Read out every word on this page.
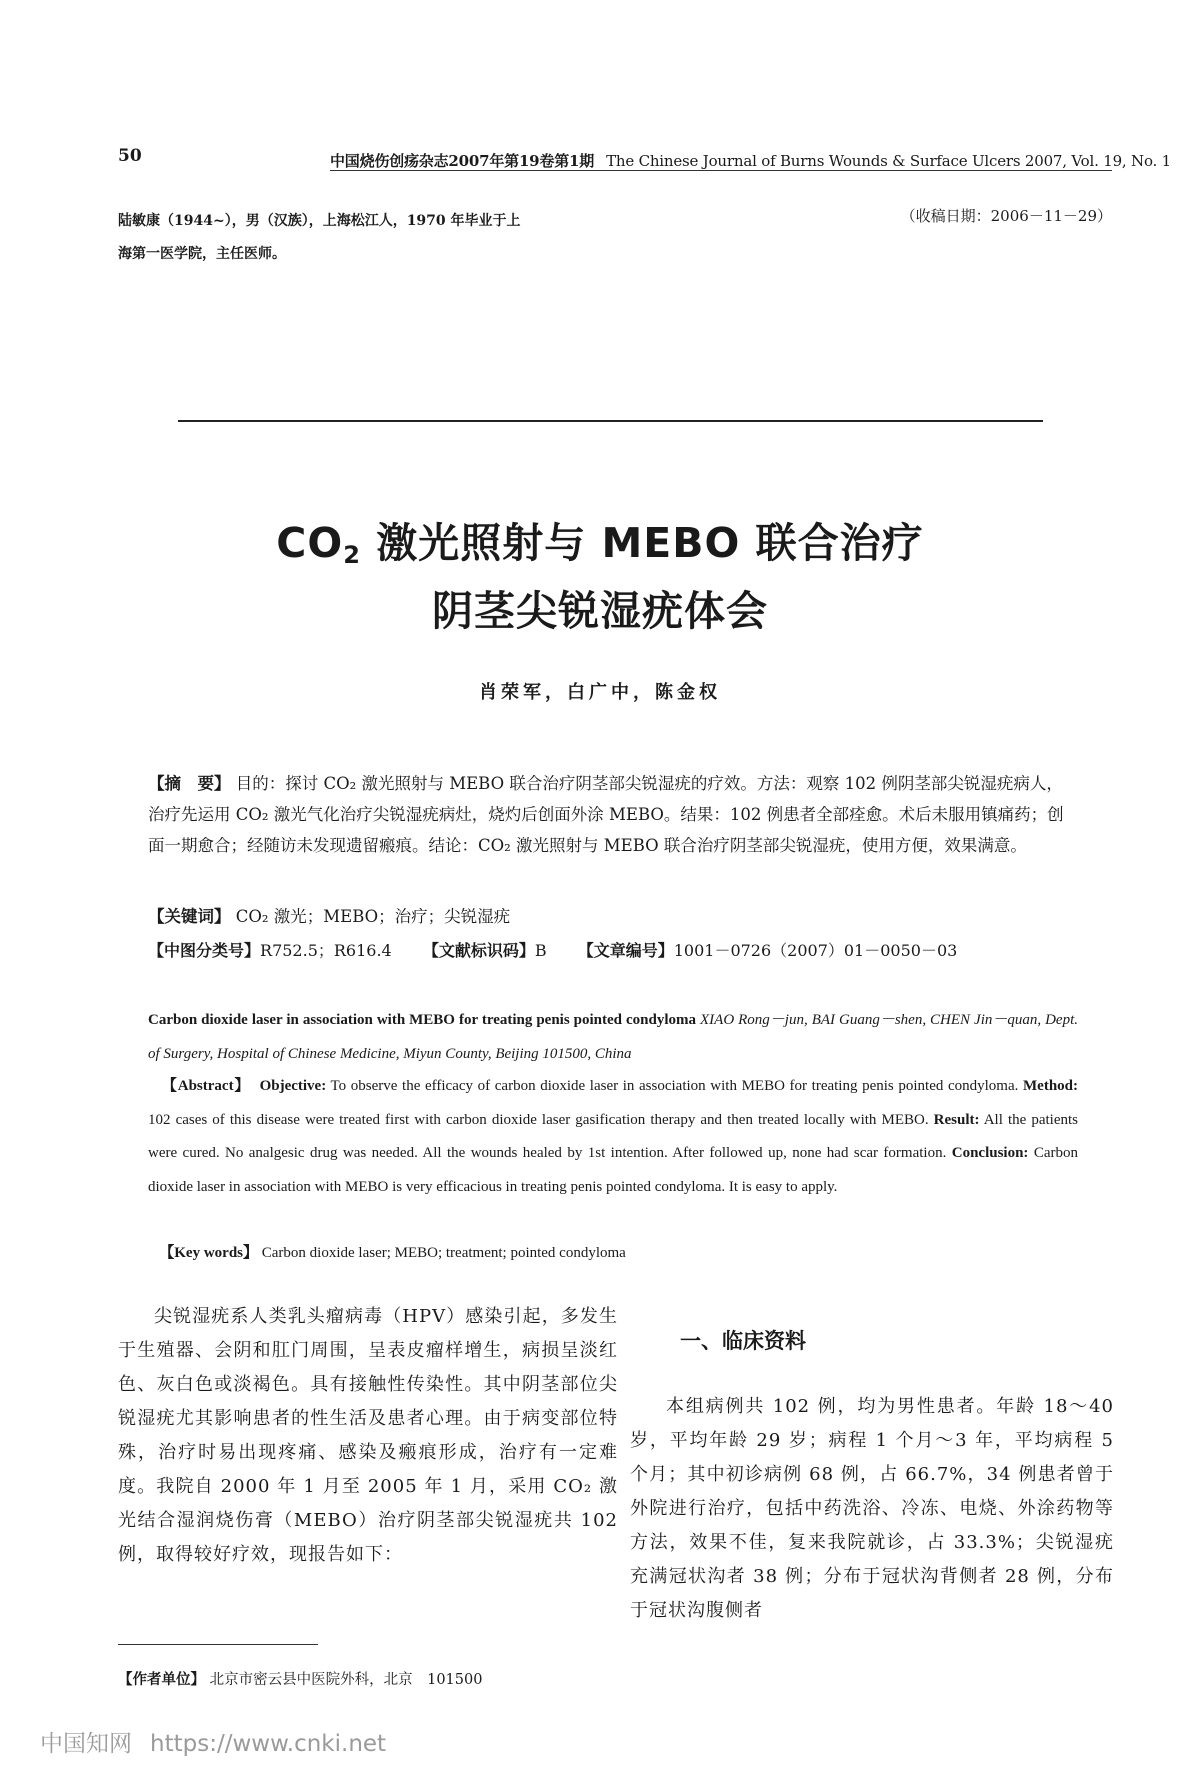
50	中国烧伤创疡杂志2007年第19卷第1期 The Chinese Journal of Burns Wounds & Surface Ulcers 2007, Vol. 19, No. 1
陆敏康（1944~），男（汉族），上海松江人，1970 年毕业于上
海第一医学院，主任医师。
（收稿日期：2006－11－29）
$CO_2$ 激光照射与 MEBO 联合治疗
阴茎尖锐湿疣体会
肖荣军，白广中，陈金权
【摘　要】 目的：探讨 CO₂ 激光照射与 MEBO 联合治疗阴茎部尖锐湿疣的疗效。方法：观察 102 例阴茎部尖锐湿疣病人，治疗先运用 CO₂ 激光气化治疗尖锐湿疣病灶，烧灼后创面外涂 MEBO。结果：102 例患者全部痊愈。术后未服用镇痛药；创面一期愈合；经随访未发现遗留瘢痕。结论：CO₂ 激光照射与 MEBO 联合治疗阴茎部尖锐湿疣，使用方便，效果满意。
【关键词】 CO₂ 激光；MEBO；治疗；尖锐湿疣
【中图分类号】R752.5；R616.4 【文献标识码】B 【文章编号】1001－0726（2007）01－0050－03
Carbon dioxide laser in association with MEBO for treating penis pointed condyloma XIAO Rong－jun, BAI Guang－shen, CHEN Jin－quan, Dept. of Surgery, Hospital of Chinese Medicine, Miyun County, Beijing 101500, China
【Abstract】 Objective: To observe the efficacy of carbon dioxide laser in association with MEBO for treating penis pointed condyloma. Method: 102 cases of this disease were treated first with carbon dioxide laser gasification therapy and then treated locally with MEBO. Result: All the patients were cured. No analgesic drug was needed. All the wounds healed by 1st intention. After followed up, none had scar formation. Conclusion: Carbon dioxide laser in association with MEBO is very efficacious in treating penis pointed condyloma. It is easy to apply.
【Key words】 Carbon dioxide laser; MEBO; treatment; pointed condyloma
尖锐湿疣系人类乳头瘤病毒（HPV）感染引起，多发生于生殖器、会阴和肛门周围，呈表皮瘤样增生，病损呈淡红色、灰白色或淡褐色。具有接触性传染性。其中阴茎部位尖锐湿疣尤其影响患者的性生活及患者心理。由于病变部位特殊，治疗时易出现疼痛、感染及瘢痕形成，治疗有一定难度。我院自 2000 年 1 月至 2005 年 1 月，采用 CO₂ 激光结合湿润烧伤膏（MEBO）治疗阴茎部尖锐湿疣共 102 例，取得较好疗效，现报告如下：
一、临床资料
本组病例共 102 例，均为男性患者。年龄 18～40 岁，平均年龄 29 岁；病程 1 个月～3 年，平均病程 5 个月；其中初诊病例 68 例，占 66.7%，34 例患者曾于外院进行治疗，包括中药洗浴、冷冻、电烧、外涂药物等方法，效果不佳，复来我院就诊，占 33.3%；尖锐湿疣充满冠状沟者 38 例；分布于冠状沟背侧者 28 例，分布于冠状沟腹侧者
【作者单位】 北京市密云县中医院外科，北京　101500
中国知网 https://www.cnki.net
